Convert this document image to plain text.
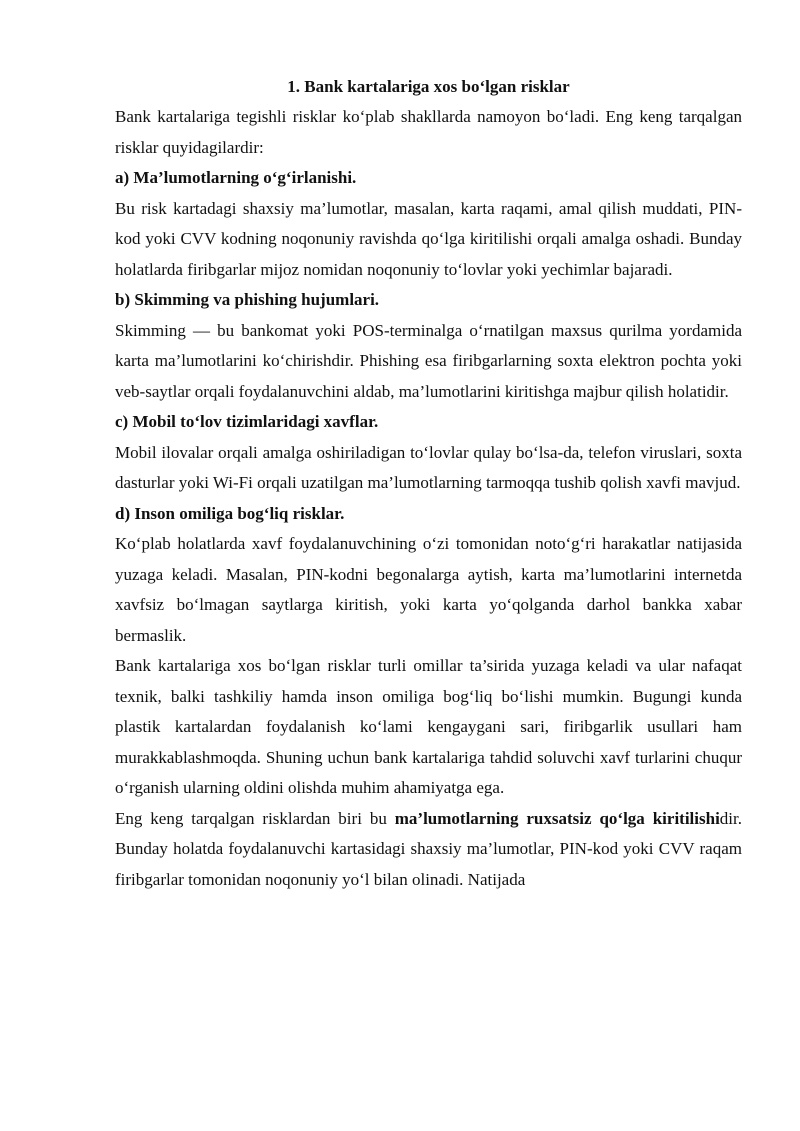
1. Bank kartalariga xos bo‘lgan risklar

Bank kartalariga tegishli risklar ko‘plab shakllarda namoyon bo‘ladi. Eng keng tarqalgan risklar quyidagilardir:

a) Ma’lumotlarning o‘g‘irlanishi.

Bu risk kartadagi shaxsiy ma’lumotlar, masalan, karta raqami, amal qilish muddati, PIN-kod yoki CVV kodning noqonuniy ravishda qo‘lga kiritilishi orqali amalga oshadi. Bunday holatlarda firibgarlar mijoz nomidan noqonuniy toʻlovlar yoki yechimlar bajaradi.

b) Skimming va phishing hujumlari.

Skimming — bu bankomat yoki POS-terminalga oʻrnatilgan maxsus qurilma yordamida karta ma’lumotlarini koʻchirishdir. Phishing esa firibgarlarning soxta elektron pochta yoki veb-saytlar orqali foydalanuvchini aldab, ma’lumotlarini kiritishga majbur qilish holatidir.

c) Mobil to‘lov tizimlaridagi xavflar.

Mobil ilovalar orqali amalga oshiriladigan to‘lovlar qulay bo‘lsa-da, telefon viruslari, soxta dasturlar yoki Wi-Fi orqali uzatilgan ma’lumotlarning tarmoqqa tushib qolish xavfi mavjud.

d) Inson omiliga bog‘liq risklar.

Ko‘plab holatlarda xavf foydalanuvchining oʻzi tomonidan notoʻgʻri harakatlar natijasida yuzaga keladi. Masalan, PIN-kodni begonalarga aytish, karta ma’lumotlarini internetda xavfsiz boʻlmagan saytlarga kiritish, yoki karta yoʻqolganda darhol bankka xabar bermaslik.

Bank kartalariga xos boʻlgan risklar turli omillar ta’sirida yuzaga keladi va ular nafaqat texnik, balki tashkiliy hamda inson omiliga bog‘liq bo‘lishi mumkin. Bugungi kunda plastik kartalardan foydalanish koʻlami kengaygani sari, firibgarlik usullari ham murakkablashmoqda. Shuning uchun bank kartalariga tahdid soluvchi xavf turlarini chuqur oʻrganish ularning oldini olishda muhim ahamiyatga ega.

Eng keng tarqalgan risklardan biri bu ma’lumotlarning ruxsatsiz qo‘lga kiritilishidir. Bunday holatda foydalanuvchi kartasidagi shaxsiy ma’lumotlar, PIN-kod yoki CVV raqam firibgarlar tomonidan noqonuniy yo‘l bilan olinadi. Natijada
